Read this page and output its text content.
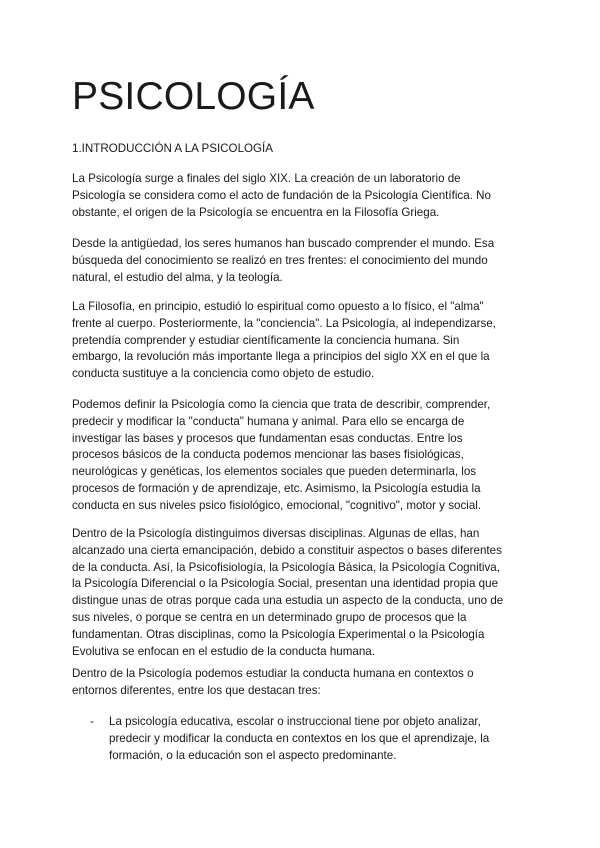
PSICOLOGÍA

1.INTRODUCCIÓN A LA PSICOLOGÍA

La Psicología surge a finales del siglo XIX. La creación de un laboratorio de
Psicología se considera como el acto de fundación de la Psicología Científica. No
obstante, el origen de la Psicología se encuentra en la Filosofía Griega.

Desde la antigüedad, los seres humanos han buscado comprender el mundo. Esa
búsqueda del conocimiento se realizó en tres frentes: el conocimiento del mundo
natural, el estudio del alma, y la teología.

La Filosofía, en principio, estudió lo espiritual como opuesto a lo físico, el "alma"
frente al cuerpo. Posteriormente, la "conciencia". La Psicología, al independizarse,
pretendía comprender y estudiar científicamente la conciencia humana. Sin
embargo, la revolución más importante llega a principios del siglo XX en el que la
conducta sustituye a la conciencia como objeto de estudio.

Podemos definir la Psicología como la ciencia que trata de describir, comprender,
predecir y modificar la "conducta" humana y animal. Para ello se encarga de
investigar las bases y procesos que fundamentan esas conductas. Entre los
procesos básicos de la conducta podemos mencionar las bases fisiológicas,
neurológicas y genéticas, los elementos sociales que pueden determinarla, los
procesos de formación y de aprendizaje, etc. Asimismo, la Psicología estudia la
conducta en sus niveles psico fisiológico, emocional, "cognitivo", motor y social.

Dentro de la Psicología distinguimos diversas disciplinas. Algunas de ellas, han
alcanzado una cierta emancipación, debido a constituir aspectos o bases diferentes
de la conducta. Así, la Psicofisiología, la Psicología Básica, la Psicología Cognitiva,
la Psicología Diferencial o la Psicología Social, presentan una identidad propia que
distingue unas de otras porque cada una estudia un aspecto de la conducta, uno de
sus niveles, o porque se centra en un determinado grupo de procesos que la
fundamentan. Otras disciplinas, como la Psicología Experimental o la Psicología
Evolutiva se enfocan en el estudio de la conducta humana.

Dentro de la Psicología podemos estudiar la conducta humana en contextos o
entornos diferentes, entre los que destacan tres:

- La psicología educativa, escolar o instruccional tiene por objeto analizar,
predecir y modificar la conducta en contextos en los que el aprendizaje, la
formación, o la educación son el aspecto predominante.
